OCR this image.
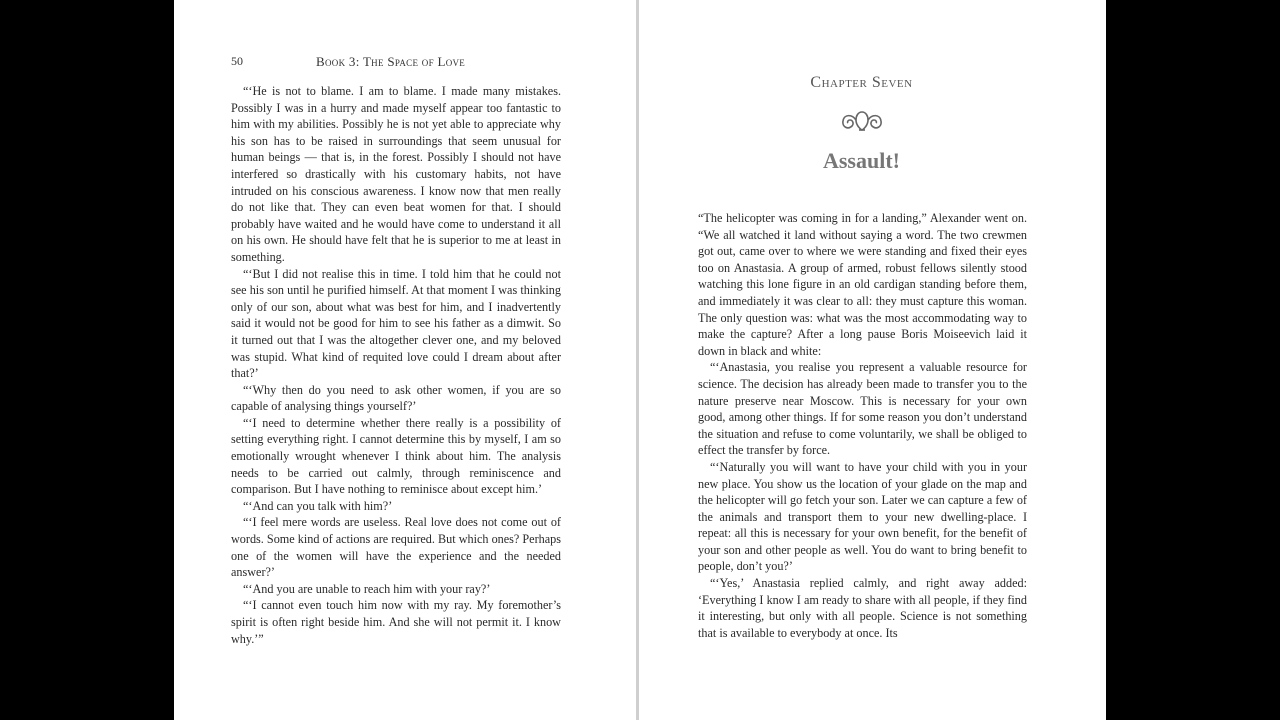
50	Book 3: The Space of Love

“‘He is not to blame. I am to blame. I made many mistakes. Possibly I was in a hurry and made myself appear too fantastic to him with my abilities. Possibly he is not yet able to appreciate why his son has to be raised in surroundings that seem unusual for human beings — that is, in the forest. Possibly I should not have interfered so drastically with his customary habits, not have intruded on his conscious awareness. I know now that men really do not like that. They can even beat women for that. I should probably have waited and he would have come to understand it all on his own. He should have felt that he is superior to me at least in something.

“‘But I did not realise this in time. I told him that he could not see his son until he purified himself. At that moment I was thinking only of our son, about what was best for him, and I inadvertently said it would not be good for him to see his father as a dimwit. So it turned out that I was the altogether clever one, and my beloved was stupid. What kind of requited love could I dream about after that?’

“‘Why then do you need to ask other women, if you are so capable of analysing things yourself?’

“‘I need to determine whether there really is a possibility of setting everything right. I cannot determine this by myself, I am so emotionally wrought whenever I think about him. The analysis needs to be carried out calmly, through reminiscence and comparison. But I have nothing to reminisce about except him.’

“‘And can you talk with him?’

“‘I feel mere words are useless. Real love does not come out of words. Some kind of actions are required. But which ones? Perhaps one of the women will have the experience and the needed answer?’

“‘And you are unable to reach him with your ray?’

“‘I cannot even touch him now with my ray. My foremother’s spirit is often right beside him. And she will not permit it. I know why.’”

Chapter Seven
Assault!

“The helicopter was coming in for a landing,” Alexander went on. “We all watched it land without saying a word. The two crewmen got out, came over to where we were standing and fixed their eyes too on Anastasia. A group of armed, robust fellows silently stood watching this lone figure in an old cardigan standing before them, and immediately it was clear to all: they must capture this woman. The only question was: what was the most accommodating way to make the capture? After a long pause Boris Moiseevich laid it down in black and white:

“‘Anastasia, you realise you represent a valuable resource for science. The decision has already been made to transfer you to the nature preserve near Moscow. This is necessary for your own good, among other things. If for some reason you don’t understand the situation and refuse to come voluntarily, we shall be obliged to effect the transfer by force.

“‘Naturally you will want to have your child with you in your new place. You show us the location of your glade on the map and the helicopter will go fetch your son. Later we can capture a few of the animals and transport them to your new dwelling-place. I repeat: all this is necessary for your own benefit, for the benefit of your son and other people as well. You do want to bring benefit to people, don’t you?’

“‘Yes,’ Anastasia replied calmly, and right away added: ‘Everything I know I am ready to share with all people, if they find it interesting, but only with all people. Science is not something that is available to everybody at once. Its
